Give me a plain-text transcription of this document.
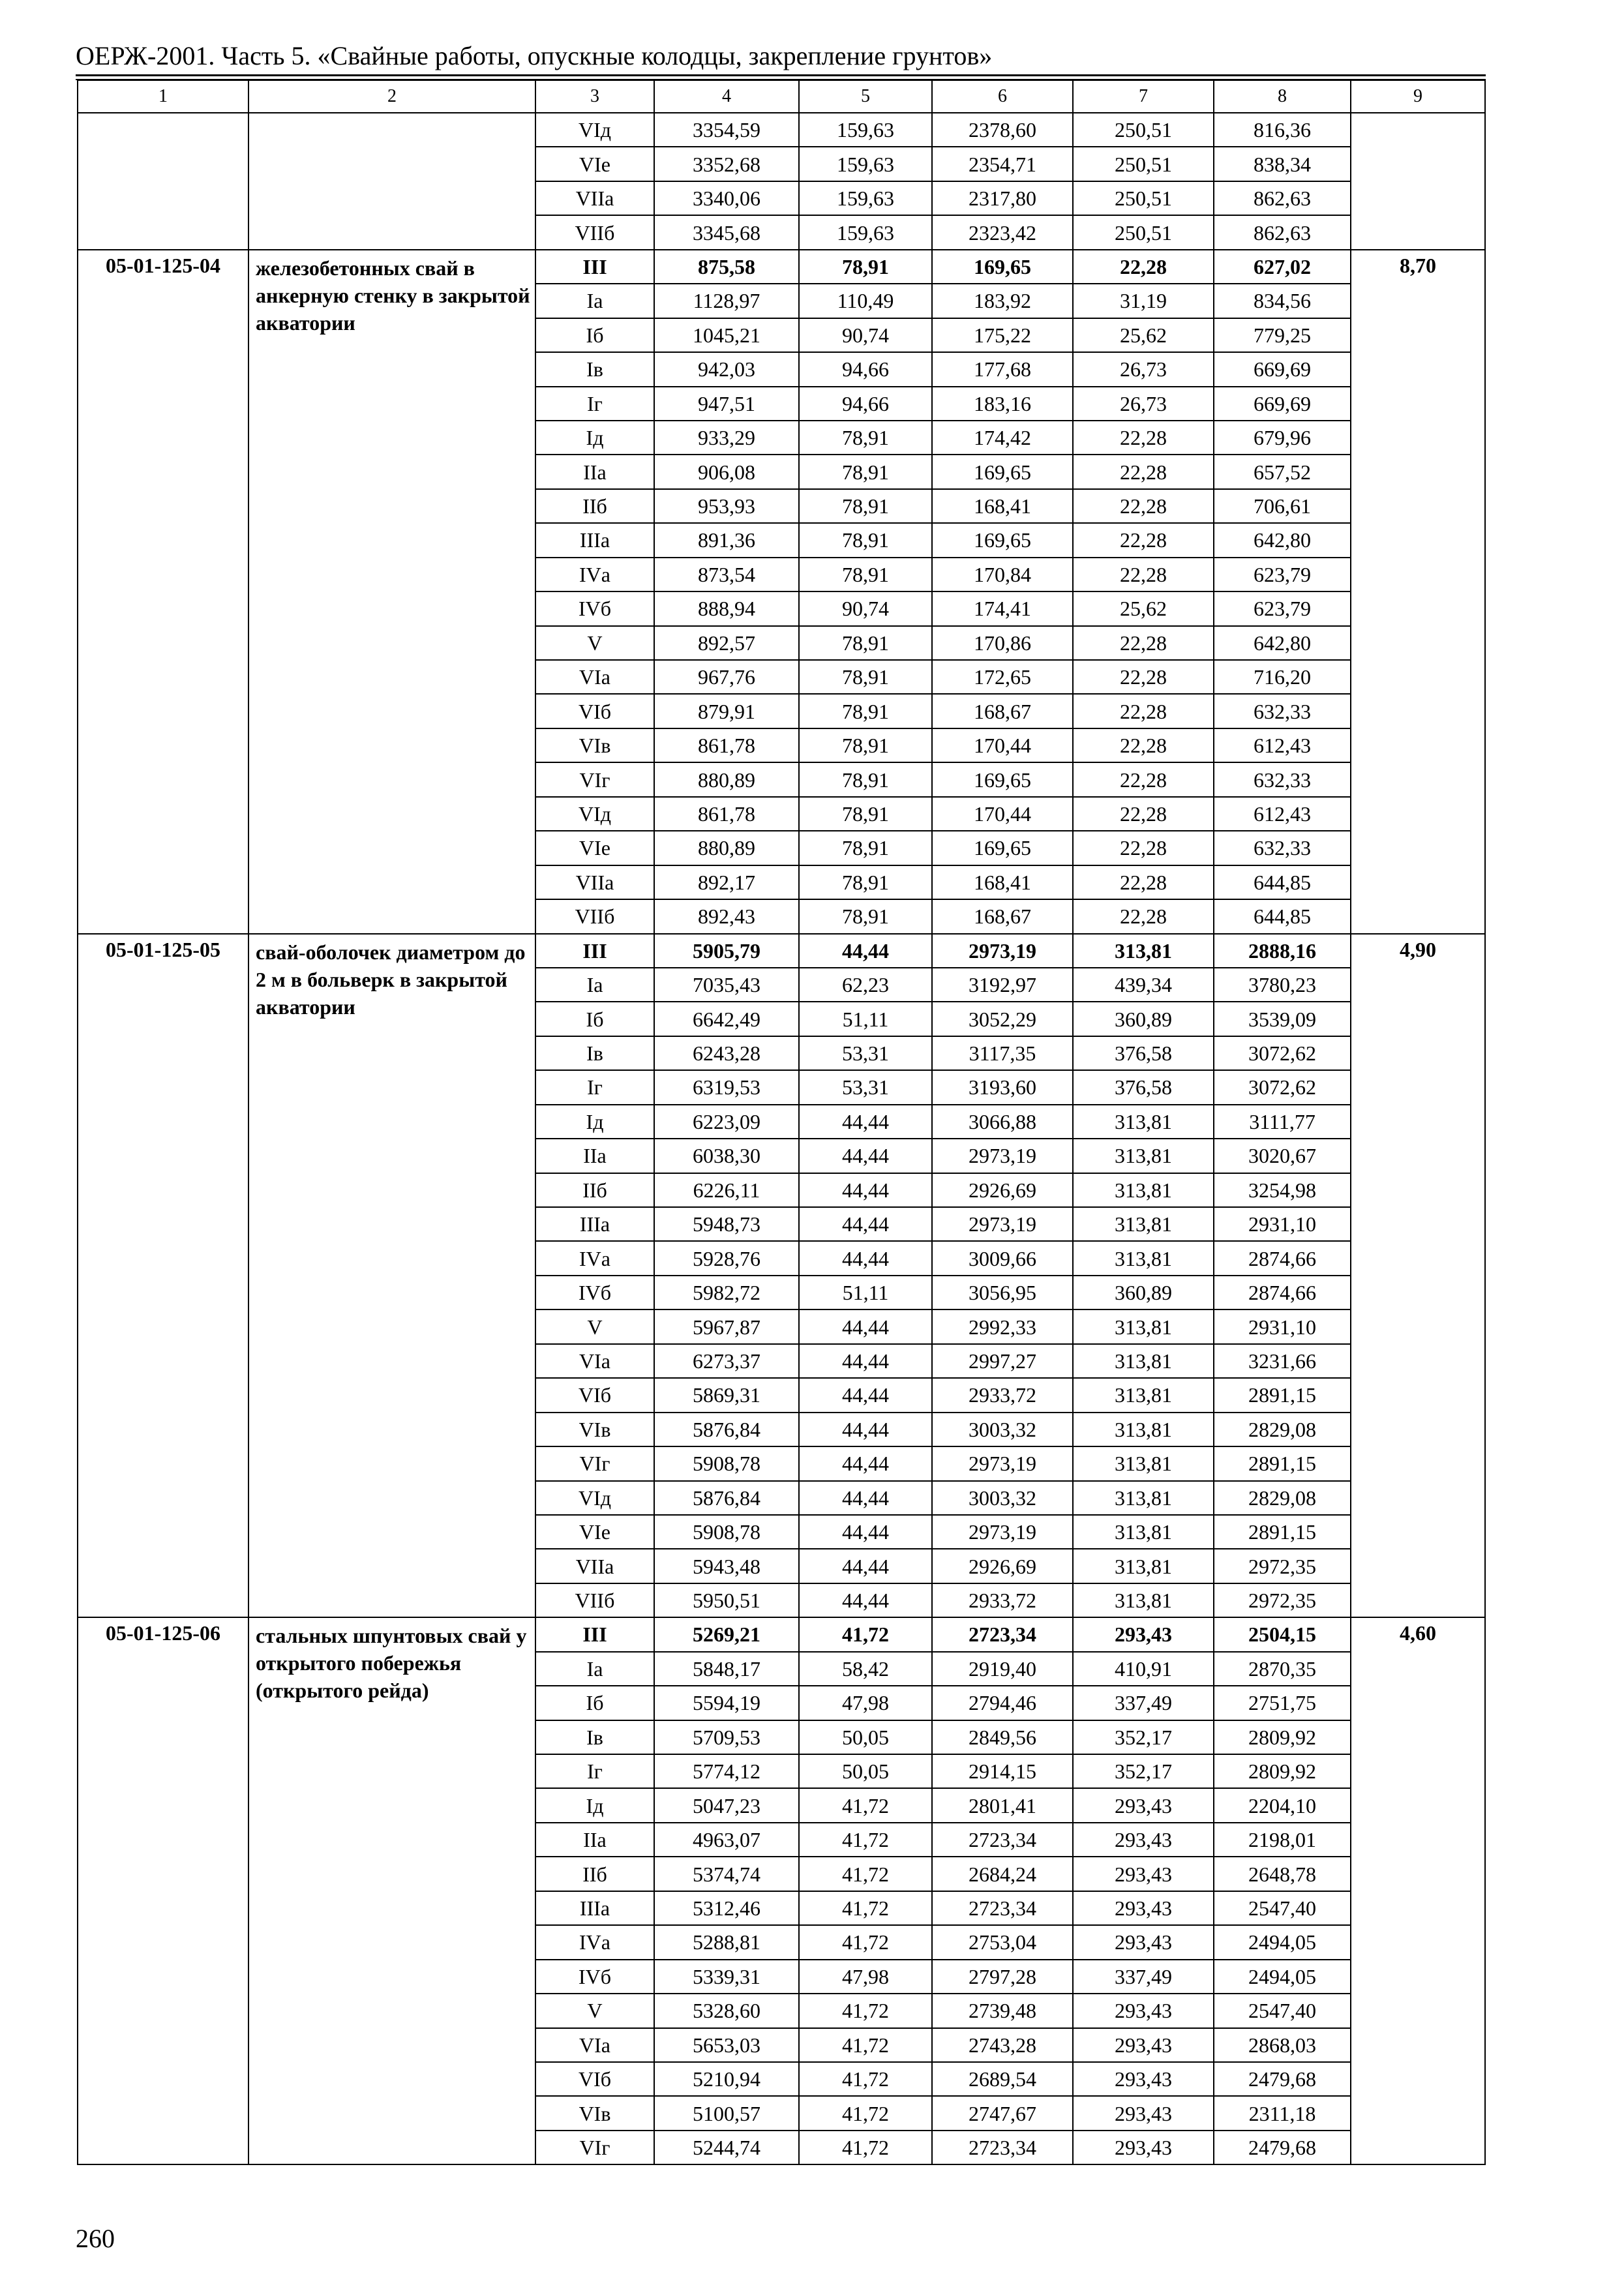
ОЕРЖ-2001. Часть 5. «Свайные работы, опускные колодцы, закрепление грунтов»
1	2	3	4	5	6	7	8	9
		VIд	3354,59	159,63	2378,60	250,51	816,36	
		VIе	3352,68	159,63	2354,71	250,51	838,34	
		VIIа	3340,06	159,63	2317,80	250,51	862,63	
		VIIб	3345,68	159,63	2323,42	250,51	862,63	
05-01-125-04	железобетонных свай в анкерную стенку в закрытой акватории	III	875,58	78,91	169,65	22,28	627,02	8,70
		Iа	1128,97	110,49	183,92	31,19	834,56	
		Iб	1045,21	90,74	175,22	25,62	779,25	
		Iв	942,03	94,66	177,68	26,73	669,69	
		Iг	947,51	94,66	183,16	26,73	669,69	
		Iд	933,29	78,91	174,42	22,28	679,96	
		IIа	906,08	78,91	169,65	22,28	657,52	
		IIб	953,93	78,91	168,41	22,28	706,61	
		IIIа	891,36	78,91	169,65	22,28	642,80	
		IVа	873,54	78,91	170,84	22,28	623,79	
		IVб	888,94	90,74	174,41	25,62	623,79	
		V	892,57	78,91	170,86	22,28	642,80	
		VIа	967,76	78,91	172,65	22,28	716,20	
		VIб	879,91	78,91	168,67	22,28	632,33	
		VIв	861,78	78,91	170,44	22,28	612,43	
		VIг	880,89	78,91	169,65	22,28	632,33	
		VIд	861,78	78,91	170,44	22,28	612,43	
		VIе	880,89	78,91	169,65	22,28	632,33	
		VIIа	892,17	78,91	168,41	22,28	644,85	
		VIIб	892,43	78,91	168,67	22,28	644,85	
05-01-125-05	свай-оболочек диаметром до 2 м в больверк в закрытой акватории	III	5905,79	44,44	2973,19	313,81	2888,16	4,90
		Iа	7035,43	62,23	3192,97	439,34	3780,23	
		Iб	6642,49	51,11	3052,29	360,89	3539,09	
		Iв	6243,28	53,31	3117,35	376,58	3072,62	
		Iг	6319,53	53,31	3193,60	376,58	3072,62	
		Iд	6223,09	44,44	3066,88	313,81	3111,77	
		IIа	6038,30	44,44	2973,19	313,81	3020,67	
		IIб	6226,11	44,44	2926,69	313,81	3254,98	
		IIIа	5948,73	44,44	2973,19	313,81	2931,10	
		IVа	5928,76	44,44	3009,66	313,81	2874,66	
		IVб	5982,72	51,11	3056,95	360,89	2874,66	
		V	5967,87	44,44	2992,33	313,81	2931,10	
		VIа	6273,37	44,44	2997,27	313,81	3231,66	
		VIб	5869,31	44,44	2933,72	313,81	2891,15	
		VIв	5876,84	44,44	3003,32	313,81	2829,08	
		VIг	5908,78	44,44	2973,19	313,81	2891,15	
		VIд	5876,84	44,44	3003,32	313,81	2829,08	
		VIе	5908,78	44,44	2973,19	313,81	2891,15	
		VIIа	5943,48	44,44	2926,69	313,81	2972,35	
		VIIб	5950,51	44,44	2933,72	313,81	2972,35	
05-01-125-06	стальных шпунтовых свай у открытого побережья (открытого рейда)	III	5269,21	41,72	2723,34	293,43	2504,15	4,60
		Iа	5848,17	58,42	2919,40	410,91	2870,35	
		Iб	5594,19	47,98	2794,46	337,49	2751,75	
		Iв	5709,53	50,05	2849,56	352,17	2809,92	
		Iг	5774,12	50,05	2914,15	352,17	2809,92	
		Iд	5047,23	41,72	2801,41	293,43	2204,10	
		IIа	4963,07	41,72	2723,34	293,43	2198,01	
		IIб	5374,74	41,72	2684,24	293,43	2648,78	
		IIIа	5312,46	41,72	2723,34	293,43	2547,40	
		IVа	5288,81	41,72	2753,04	293,43	2494,05	
		IVб	5339,31	47,98	2797,28	337,49	2494,05	
		V	5328,60	41,72	2739,48	293,43	2547,40	
		VIа	5653,03	41,72	2743,28	293,43	2868,03	
		VIб	5210,94	41,72	2689,54	293,43	2479,68	
		VIв	5100,57	41,72	2747,67	293,43	2311,18	
		VIг	5244,74	41,72	2723,34	293,43	2479,68	
260
